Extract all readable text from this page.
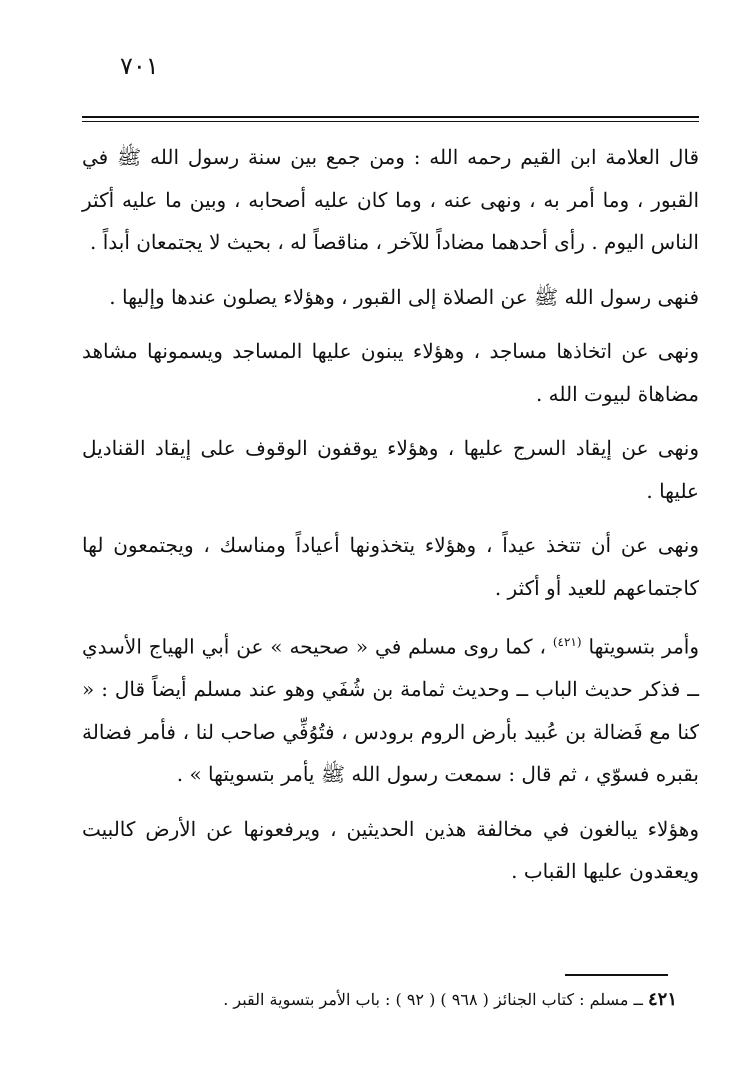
٧٠١

قال العلامة ابن القيم رحمه الله : ومن جمع بين سنة رسول الله ﷺ في القبور ، وما أمر به ، ونهى عنه ، وما كان عليه أصحابه ، وبين ما عليه أكثر الناس اليوم . رأى أحدهما مضاداً للآخر ، مناقصاً له ، بحيث لا يجتمعان أبداً .

فنهى رسول الله ﷺ عن الصلاة إلى القبور ، وهؤلاء يصلون عندها وإليها .

ونهى عن اتخاذها مساجد ، وهؤلاء يبنون عليها المساجد ويسمونها مشاهد مضاهاة لبيوت الله .

ونهى عن إيقاد السرج عليها ، وهؤلاء يوقفون الوقوف على إيقاد القناديل عليها .

ونهى عن أن تتخذ عيداً ، وهؤلاء يتخذونها أعياداً ومناسك ، ويجتمعون لها كاجتماعهم للعيد أو أكثر .

وأمر بتسويتها $^{(٤٢١)}$ ، كما روى مسلم في « صحيحه » عن أبي الهياج الأسدي ــ فذكر حديث الباب ــ وحديث ثمامة بن شُفَي وهو عند مسلم أيضاً قال : « كنا مع فَضالة بن عُبيد بأرض الروم برودس ، فتُوُفِّي صاحب لنا ، فأمر فضالة بقبره فسوّي ، ثم قال : سمعت رسول الله ﷺ يأمر بتسويتها » .

وهؤلاء يبالغون في مخالفة هذين الحديثين ، ويرفعونها عن الأرض كالبيت ويعقدون عليها القباب .

٤٢١ ــ مسلم : كتاب الجنائز ( ٩٦٨ ) ( ٩٢ ) : باب الأمر بتسوية القبر .
